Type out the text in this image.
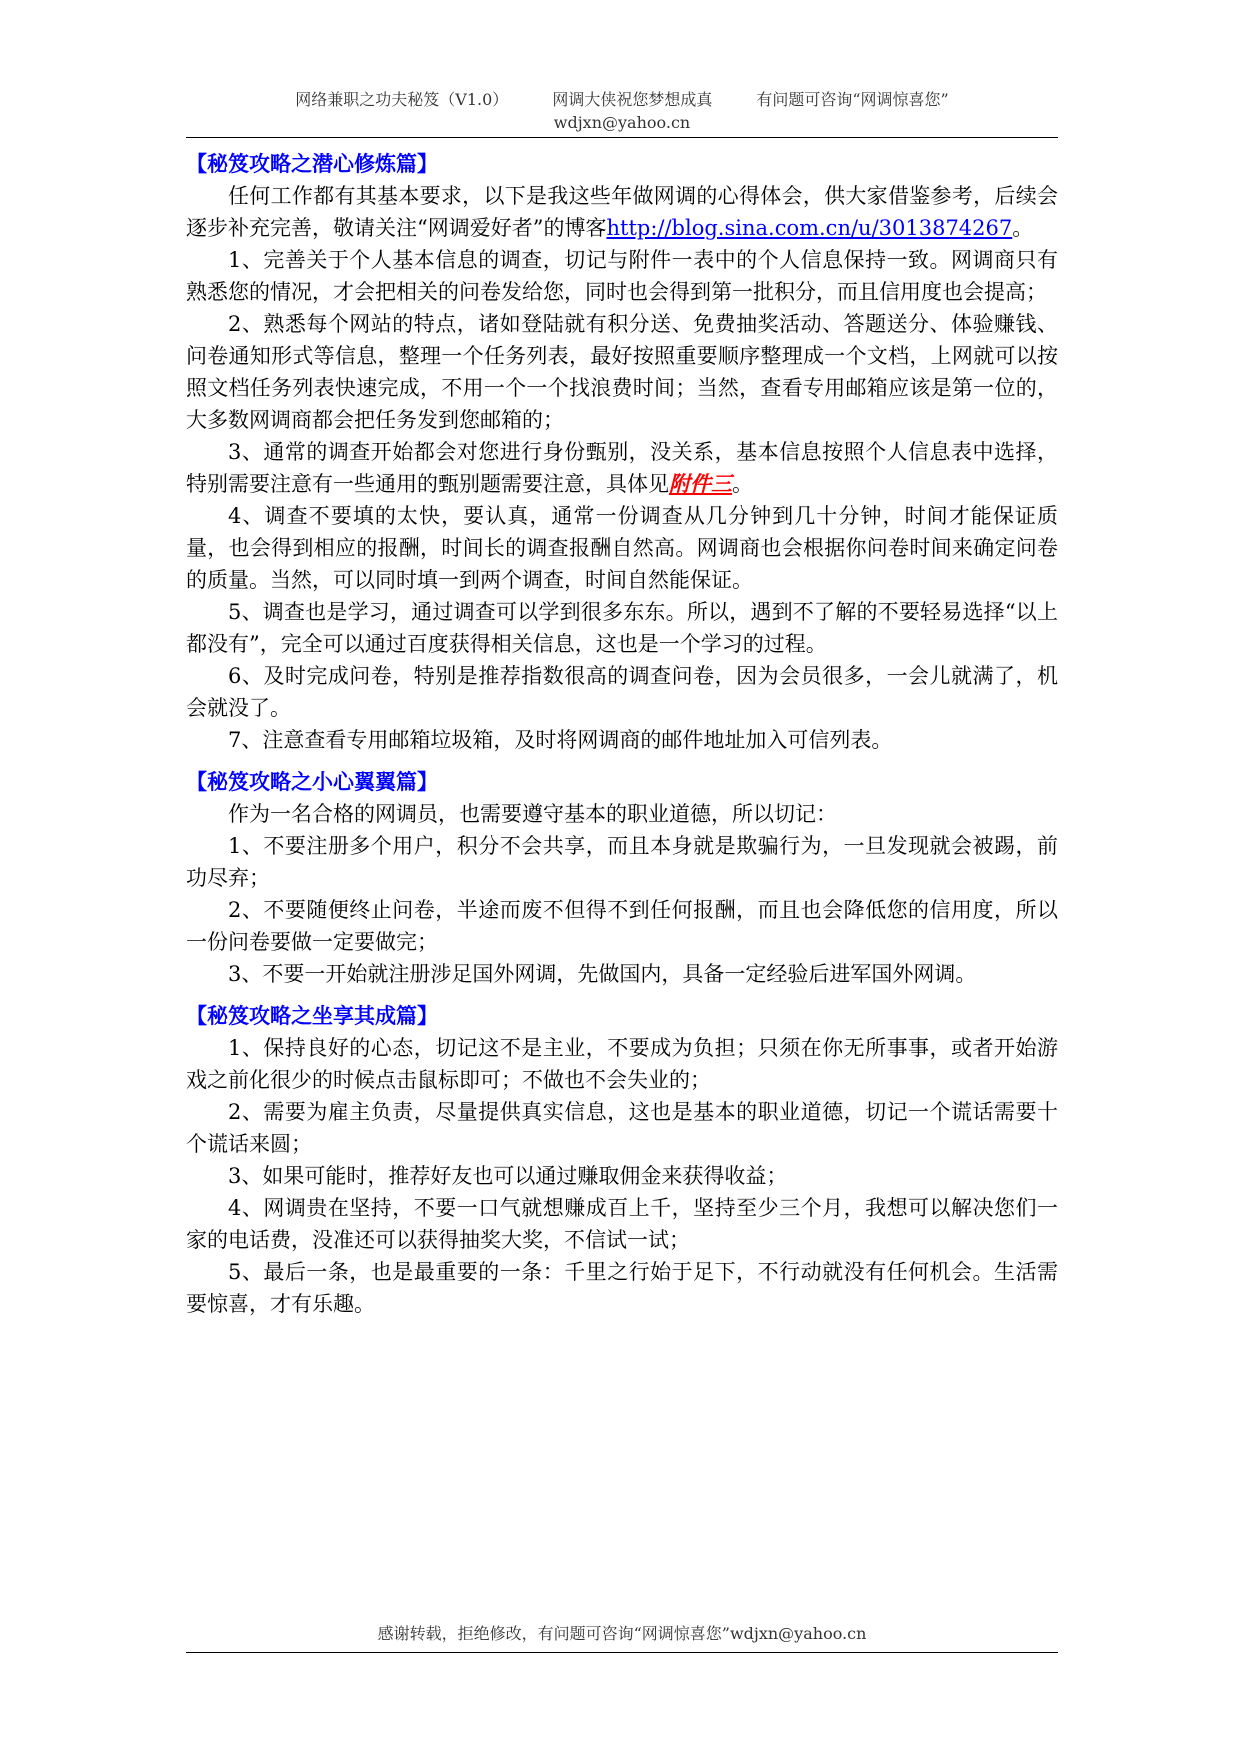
网络兼职之功夫秘笈（V1.0）	网调大侠祝您梦想成真	有问题可咨询“网调惊喜您”
wdjxn@yahoo.cn

【秘笈攻略之潜心修炼篇】

任何工作都有其基本要求，以下是我这些年做网调的心得体会，供大家借鉴参考，后续会逐步补充完善，敬请关注“网调爱好者”的博客http://blog.sina.com.cn/u/3013874267。

1、完善关于个人基本信息的调查，切记与附件一表中的个人信息保持一致。网调商只有熟悉您的情况，才会把相关的问卷发给您，同时也会得到第一批积分，而且信用度也会提高；

2、熟悉每个网站的特点，诸如登陆就有积分送、免费抽奖活动、答题送分、体验赚钱、问卷通知形式等信息，整理一个任务列表，最好按照重要顺序整理成一个文档，上网就可以按照文档任务列表快速完成，不用一个一个找浪费时间；当然，查看专用邮箱应该是第一位的，大多数网调商都会把任务发到您邮箱的；

3、通常的调查开始都会对您进行身份甄别，没关系，基本信息按照个人信息表中选择，特别需要注意有一些通用的甄别题需要注意，具体见附件三。

4、调查不要填的太快，要认真，通常一份调查从几分钟到几十分钟，时间才能保证质量，也会得到相应的报酬，时间长的调查报酬自然高。网调商也会根据你问卷时间来确定问卷的质量。当然，可以同时填一到两个调查，时间自然能保证。

5、调查也是学习，通过调查可以学到很多东东。所以，遇到不了解的不要轻易选择“以上都没有”，完全可以通过百度获得相关信息，这也是一个学习的过程。

6、及时完成问卷，特别是推荐指数很高的调查问卷，因为会员很多，一会儿就满了，机会就没了。

7、注意查看专用邮箱垃圾箱，及时将网调商的邮件地址加入可信列表。

【秘笈攻略之小心翼翼篇】

作为一名合格的网调员，也需要遵守基本的职业道德，所以切记：

1、不要注册多个用户，积分不会共享，而且本身就是欺骗行为，一旦发现就会被踢，前功尽弃；

2、不要随便终止问卷，半途而废不但得不到任何报酬，而且也会降低您的信用度，所以一份问卷要做一定要做完；

3、不要一开始就注册涉足国外网调，先做国内，具备一定经验后进军国外网调。

【秘笈攻略之坐享其成篇】

1、保持良好的心态，切记这不是主业，不要成为负担；只须在你无所事事，或者开始游戏之前化很少的时候点击鼠标即可；不做也不会失业的；

2、需要为雇主负责，尽量提供真实信息，这也是基本的职业道德，切记一个谎话需要十个谎话来圆；

3、如果可能时，推荐好友也可以通过赚取佣金来获得收益；

4、网调贵在坚持，不要一口气就想赚成百上千，坚持至少三个月，我想可以解决您们一家的电话费，没准还可以获得抽奖大奖，不信试一试；

5、最后一条，也是最重要的一条：千里之行始于足下，不行动就没有任何机会。生活需要惊喜，才有乐趣。

感谢转载，拒绝修改，有问题可咨询“网调惊喜您”wdjxn@yahoo.cn
